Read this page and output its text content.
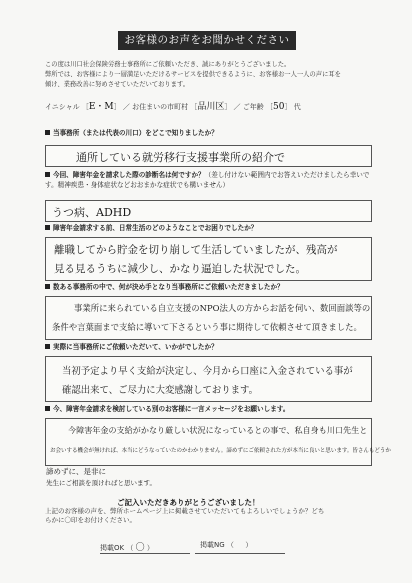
お客様のお声をお聞かせください
この度は川口社会保険労務士事務所にご依頼いただき、誠にありがとうございました。
弊所では、お客様により一層満足いただけるサービスを提供できるように、お客様お一人一人の声に耳を
傾け、業務改善に努めさせていただいております。
イニシャル ［E・M］ ／ お住まいの市町村 ［品川区］ ／ ご年齢 ［50］ 代
当事務所（または代表の川口）をどこで知りましたか？
通所している就労移行支援事業所の紹介で
今回、障害年金を請求した際の診断名は何ですか？（差し付けない範囲内でお答えいただけましたら幸いです。精神疾患・身体症状などおおまかな症状でも構いません）
うつ病、ADHD
障害年金請求する前、日常生活のどのようなことでお困りでしたか？
離職してから貯金を切り崩して生活していましたが、残高が
見る見るうちに減少し、かなり逼迫した状況でした。
数ある事務所の中で、何が決め手となり当事務所にご依頼いただきましたか？
事業所に来られている自立支援のNPO法人の方からお話を伺い、数回面談等の
条件や言葉面まで支給に導いて下さるという事に期待して依頼させて頂きました。
実際に当事務所にご依頼いただいて、いかがでしたか？
当初予定より早く支給が決定し、今月から口座に入金されている事が
確認出来て、ご尽力に大変感謝しております。
今、障害年金請求を検討している別のお客様に一言メッセージをお願いします。
今障害年金の支給がかなり厳しい状況になっているとの事で、私自身も川口先生と
お会いする機会が無ければ、本当にどうなっていたのかわかりません。諦めずにご依頼された方が本当に良いと思います。皆さんもどうか
諦めずに、是非に
先生にご相談を頂ければと思います。
ご記入いただきありがとうございました！
上記のお客様の声を、弊所ホームページ上に掲載させていただいてもよろしいでしょうか？どち
らかに〇印をお付けください。
掲載OK （ 〇 ）	掲載NG （ 　 ）
